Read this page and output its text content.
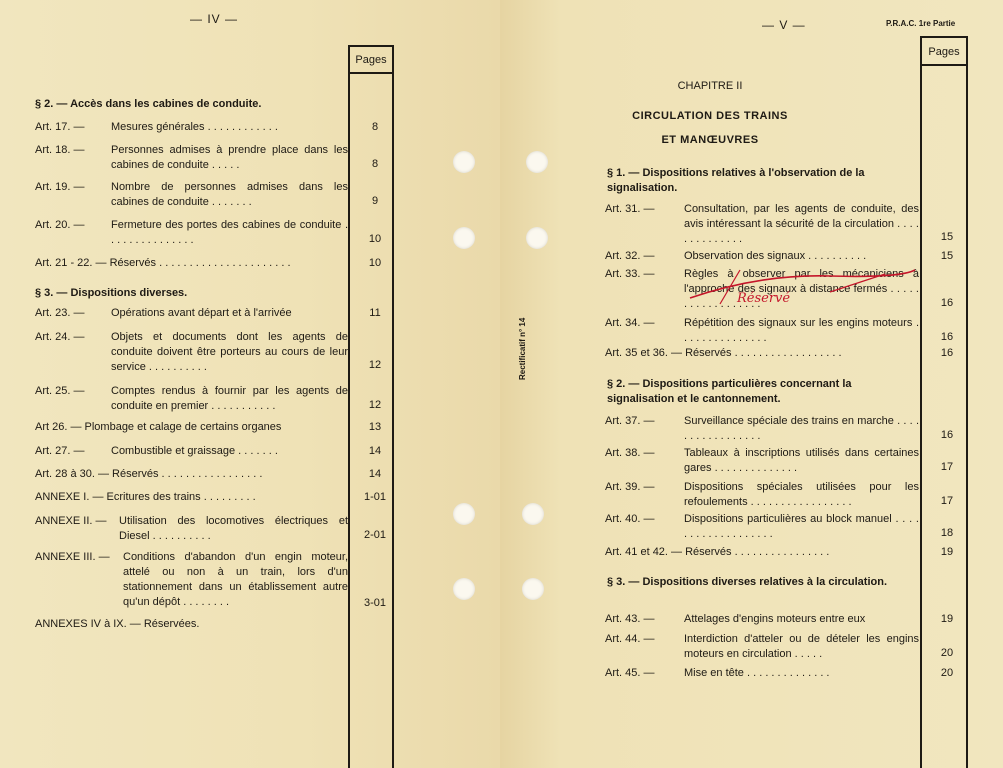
— IV —
Pages
§ 2. — Accès dans les cabines de conduite.
Art. 17. — Mesures générales . . . . . . . . . . . .	8
Art. 18. — Personnes admises à prendre place dans les cabines de conduite . . . . .	8
Art. 19. — Nombre de personnes admises dans les cabines de conduite . . . . . . .	9
Art. 20. — Fermeture des portes des cabines de conduite . . . . . . . . . . . . . . .	10
Art. 21 - 22. — Réservés . . . . . . . . . . . . . . . . . . . . . .	10
§ 3. — Dispositions diverses.
Art. 23. — Opérations avant départ et à l'arrivée	11
Art. 24. — Objets et documents dont les agents de conduite doivent être porteurs au cours de leur service . . . . . . . . . .	12
Art. 25. — Comptes rendus à fournir par les agents de conduite en premier . . . . . . . . . . .	12
Art 26. — Plombage et calage de certains organes	13
Art. 27. — Combustible et graissage . . . . . . .	14
Art. 28 à 30. — Réservés . . . . . . . . . . . . . . . . .	14
ANNEXE I. — Ecritures des trains . . . . . . . . .	1-01
ANNEXE II. — Utilisation des locomotives électriques et Diesel . . . . . . . . . .	2-01
ANNEXE III. — Conditions d'abandon d'un engin moteur, attelé ou non à un train, lors d'un stationnement dans un établissement autre qu'un dépôt . . . . . . . .	3-01
ANNEXES IV à IX. — Réservées.
— V —	P.R.A.C. 1re Partie
Pages
Rectificatif n° 14
CHAPITRE II
CIRCULATION DES TRAINS
ET MANŒUVRES
§ 1. — Dispositions relatives à l'observation de la signalisation.
Art. 31. —	Consultation, par les agents de conduite, des avis intéressant la sécurité de la circulation . . . . . . . . . . . . . .	15
Art. 32. —	Observation des signaux . . . . . . . . . .	15
Art. 33. —	Règles à observer par les mécaniciens à l'approche des signaux à distance fermés . . . . . . . . . . . . . . . . . .	16
Réservé
Art. 34. —	Répétition des signaux sur les engins moteurs . . . . . . . . . . . . . . .	16
Art. 35 et 36. — Réservés . . . . . . . . . . . . . . . . . .	16
§ 2. — Dispositions particulières concernant la signalisation et le cantonnement.
Art. 37. —	Surveillance spéciale des trains en marche . . . . . . . . . . . . . . . . .	16
Art. 38. —	Tableaux à inscriptions utilisés dans certaines gares . . . . . . . . . . . . . .	17
Art. 39. —	Dispositions spéciales utilisées pour les refoulements . . . . . . . . . . . . . . . . .	17
Art. 40. —	Dispositions particulières au block manuel . . . . . . . . . . . . . . . . . . .	18
Art. 41 et 42. — Réservés . . . . . . . . . . . . . . . .	19
§ 3. — Dispositions diverses relatives à la circulation.
Art. 43. —	Attelages d'engins moteurs entre eux	19
Art. 44. —	Interdiction d'atteler ou de dételer les engins moteurs en circulation . . . . .	20
Art. 45. —	Mise en tête . . . . . . . . . . . . . .	20
